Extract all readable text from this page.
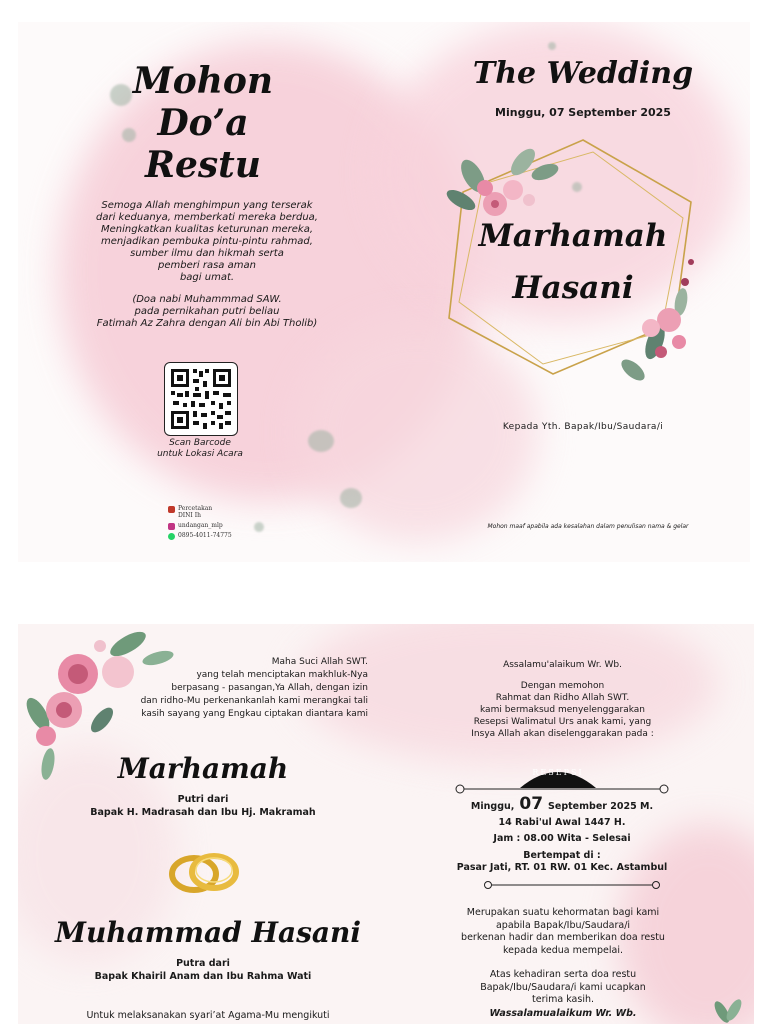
Mohon
Do’a
Restu

Semoga Allah menghimpun yang terserak

dari keduanya, memberkati mereka berdua,

Meningkatkan kualitas keturunan mereka,

menjadikan pembuka pintu-pintu rahmad,

sumber ilmu dan hikmah serta

pemberi rasa aman

bagi umat.

(Doa nabi Muhammmad SAW.

pada pernikahan putri beliau

Fatimah Az Zahra dengan Ali bin Abi Tholib)

Scan Barcode
untuk Lokasi Acara
Percetakan
DINI Ih
undangan_mlp
0895-4011-74775
The Wedding
Minggu, 07 September 2025
Marhamah
Hasani
Kepada Yth. Bapak/Ibu/Saudara/i
Mohon maaf apabila ada kesalahan dalam penulisan nama & gelar

Maha Suci Allah SWT.

yang telah menciptakan makhluk-Nya

berpasang - pasangan,Ya Allah, dengan izin

dan ridho-Mu perkenankanlah kami merangkai tali

kasih sayang yang Engkau ciptakan diantara kami

Marhamah
Putri dari
Bapak H. Madrasah dan Ibu Hj. Makramah
Muhammad Hasani
Putra dari
Bapak Khairil Anam dan Ibu Rahma Wati
Untuk melaksanakan syari’at Agama-Mu mengikuti
Assalamu'alaikum Wr. Wb.

Dengan memohon

Rahmat dan Ridho Allah SWT.

kami bermaksud menyelenggarakan

Resepsi Walimatul Urs anak kami, yang

Insya Allah akan diselenggarakan pada :

RESEPSI
Minggu, 07 September 2025 M.
14 Rabi'ul Awal 1447 H.
Jam : 08.00 Wita - Selesai
Bertempat di :
Pasar Jati, RT. 01 RW. 01 Kec. Astambul

Merupakan suatu kehormatan bagi kami

apabila Bapak/Ibu/Saudara/i

berkenan hadir dan memberikan doa restu

kepada kedua mempelai.

Atas kehadiran serta doa restu

Bapak/Ibu/Saudara/i kami ucapkan

terima kasih.

Wassalamualaikum Wr. Wb.
